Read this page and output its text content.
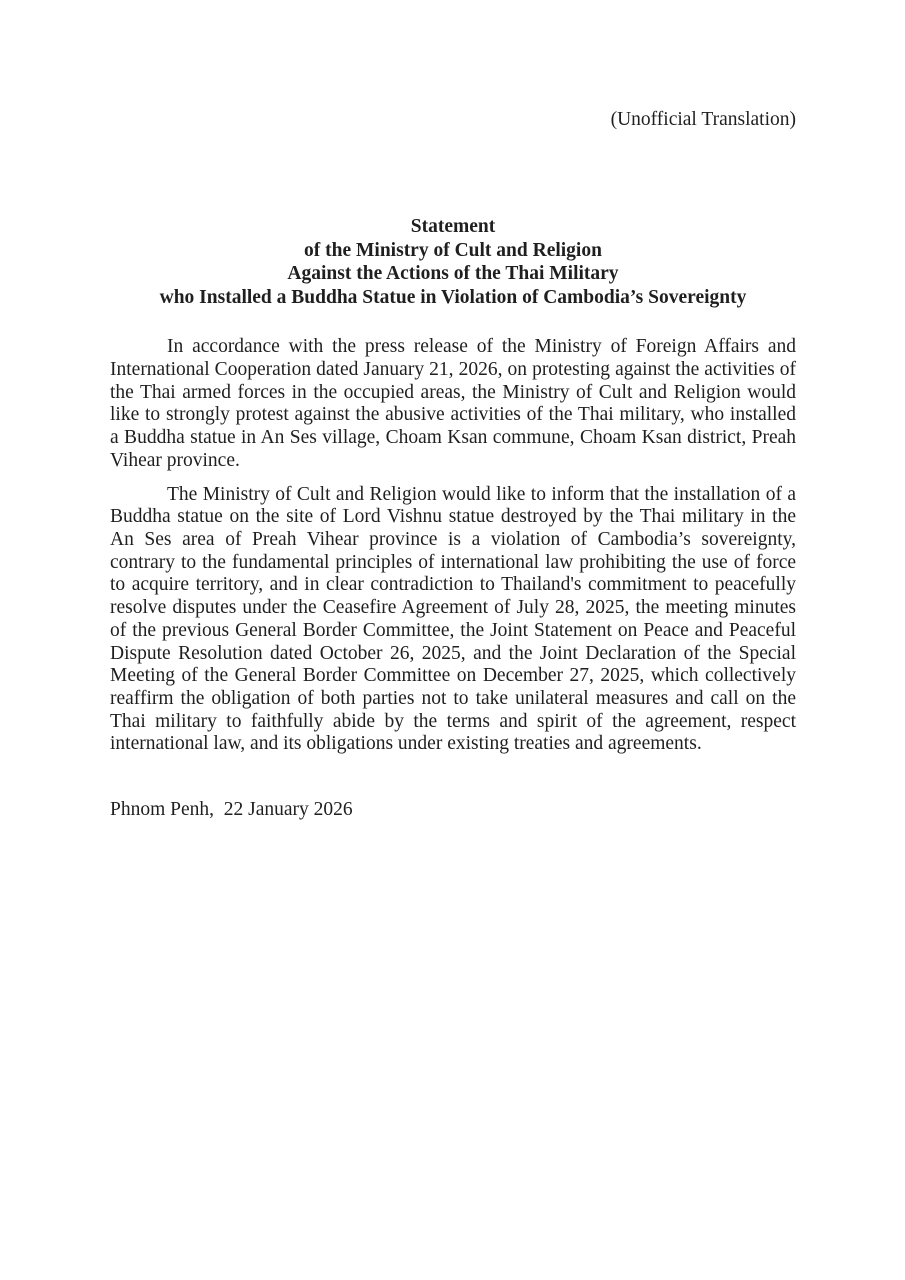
(Unofficial Translation)
Statement
of the Ministry of Cult and Religion
Against the Actions of the Thai Military
who Installed a Buddha Statue in Violation of Cambodia’s Sovereignty

In accordance with the press release of the Ministry of Foreign Affairs and International Cooperation dated January 21, 2026, on protesting against the activities of the Thai armed forces in the occupied areas, the Ministry of Cult and Religion would like to strongly protest against the abusive activities of the Thai military, who installed a Buddha statue in An Ses village, Choam Ksan commune, Choam Ksan district, Preah Vihear province.

The Ministry of Cult and Religion would like to inform that the installation of a Buddha statue on the site of Lord Vishnu statue destroyed by the Thai military in the An Ses area of Preah Vihear province is a violation of Cambodia’s sovereignty, contrary to the fundamental principles of international law prohibiting the use of force to acquire territory, and in clear contradiction to Thailand's commitment to peacefully resolve disputes under the Ceasefire Agreement of July 28, 2025, the meeting minutes of the previous General Border Committee, the Joint Statement on Peace and Peaceful Dispute Resolution dated October 26, 2025, and the Joint Declaration of the Special Meeting of the General Border Committee on December 27, 2025, which collectively reaffirm the obligation of both parties not to take unilateral measures and call on the Thai military to faithfully abide by the terms and spirit of the agreement, respect international law, and its obligations under existing treaties and agreements.

Phnom Penh,  22 January 2026
